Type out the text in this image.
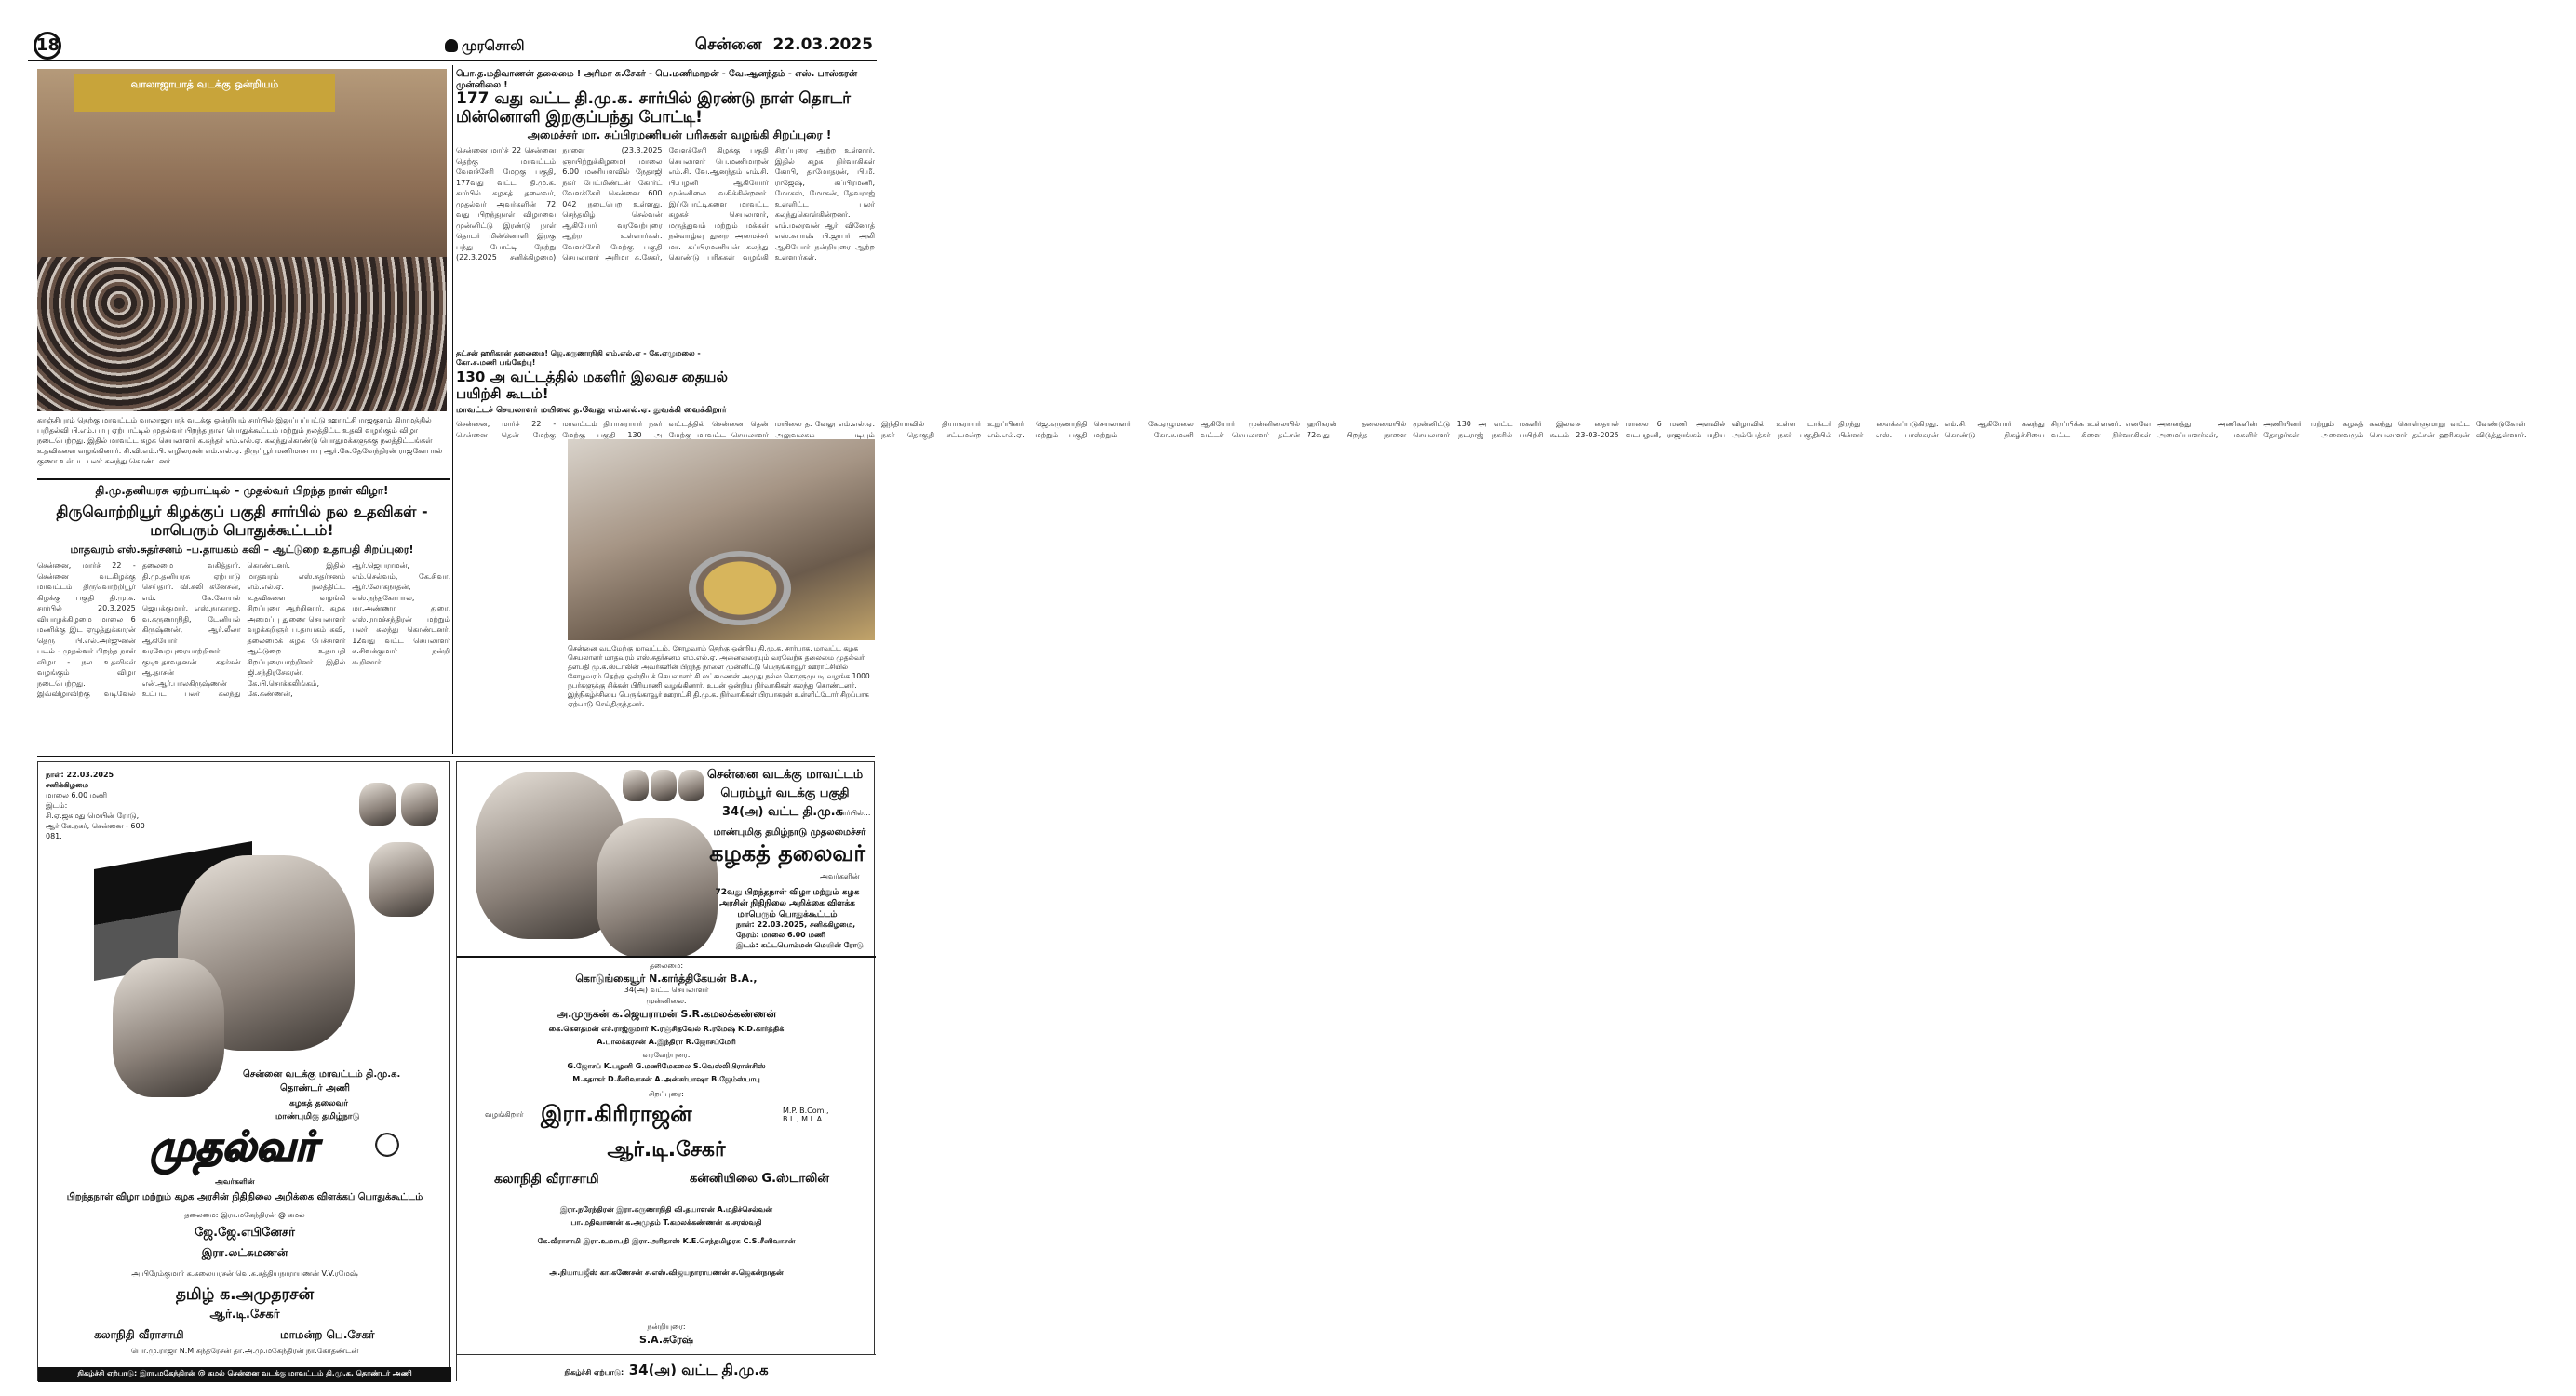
18	முரசொலி	சென்னை 22.03.2025
வாலாஜாபாத் வடக்கு ஒன்றியம்
காஞ்சிபுரம் தெற்கு மாவட்டம் வாலாஜாபாத் வடக்கு ஒன்றியம் சார்பில் இலுப்பப்பட்டு ஊராட்சி ராஜகுளம் கிராமத்தில் பறிதல்வி பி.எம்.பாபு ஏற்பாட்டில் முதல்வர் பிறந்த நாள் பொதுக்கூட்டம் மற்றும் நலத்திட்ட உதவி வழங்கும் விழா நடைபெற்றது. இதில் மாவட்ட கழக செயலாளர் க.சுந்தர் எம்.எல்.ஏ. கலந்துகொண்டு பொதுமக்களுக்கு நலத்திட்டங்கள் உதவிகளை வழங்கினார். சி.வி.எம்.பி. எழிலரசன் எம்.எல்.ஏ. திருப்பூர் மணிமாசபாபு ஆர்.கே.தேவேந்திரன் ராஜகோபால் குணா உள்பட பலர் கலந்து கொண்டனர்.
பொ.த.மதிவாணன் தலைமை ! அரிமா சு.சேகர் - பெ.மணிமாறன் - வே.ஆனந்தம் - எஸ். பாஸ்கரன் முன்னிலை !
177 வது வட்ட தி.மு.க. சார்பில் இரண்டு நாள் தொடர் மின்னொளி இறகுப்பந்து போட்டி!
அமைச்சர் மா. சுப்பிரமணியன் பரிசுகள் வழங்கி சிறப்புரை !
சென்னை மார்ச் 22 சென்னை தெற்கு மாவட்டம் வேளச்சேரி மேற்கு பகுதி, 177வது வட்ட தி.மு.க. சார்பில் கழகத் தலைவர், முதல்வர் அவர்களின் 72 வது பிறந்தநாள் விழாவை முன்னிட்டு இரண்டு நாள் தொடர் மின்னொளி இறகு பந்து போட்டி நேற்று (22.3.2025 சனிக்கிழமை) நாளை (23.3.2025 ஞாயிற்றுக்கிழமை) மாலை 6.00 மணியளவில் நேதாஜி நகர் பேட்மிண்டன் கோர்ட் வேளச்சேரி சென்னை 600 042 நடைபெற உள்ளது. செந்தமிழ் செல்வன் ஆகியோர் வரவேற்புரை ஆற்ற உள்ளார்கள். வேளச்சேரி மேற்கு பகுதி செயலாளர் அரிமா சு.சேகர், வேளச்சேரி கிழக்கு பகுதி செயலாளர் பெ.மணிமாறன் எம்.சி. வே.ஆனந்தம் எம்.சி. பி.பழனி ஆகியோர் முன்னிலை வகிக்கின்றனர். இப்போட்டிகளை மாவட்ட கழகச் செயலாளர், மருத்துவம் மற்றும் மக்கள் நல்வாழ்வு துறை அமைச்சர் மா. சுப்பிரமணியன் கலந்து கொண்டு பரிசுகள் வழங்கி சிறப்புரை ஆற்ற உள்ளார். இதில் கழக நிர்வாகிகள் கோபி, தாமோதரன், பி.மீ. ராஜேஷ், சுப்பிரமணி, மோசஸ், மோகன், தேவராஜ் உள்ளிட்ட பலர் கலந்துகொள்கின்றனர். எம்.மலரவன் ஆர். வினோத் எஸ்.சுபாஷ் பி.ஜாபர் அலி ஆகியோர் நன்றியுரை ஆற்ற உள்ளார்கள்.
தட்சன் ஹரிகரன் தலைமை! ஜெ.கருணாநிதி எம்.எல்.ஏ - கே.ஏழுமலை - கோ.ச.மணி பங்கேற்பு!
130 அ வட்டத்தில் மகளிர் இலவச தையல் பயிற்சி கூடம்!
மாவட்டச் செயலாளர் மயிலை த.வேலு எம்.எல்.ஏ. துவக்கி வைக்கிறார்
சென்னை, மார்ச் 22 - சென்னை தென் மேற்கு மாவட்டம் தியாகராயர் நகர் மேற்கு பகுதி 130 அ வட்டத்தில் சென்னை தென் மேற்கு மாவட்ட செயலாளர் மயிலை த. வேலு எம்.எல்.ஏ. அலுவலகம் படியும் இந்தியாவில் தியாகராயர் நகர் தொகுதி சட்டமன்ற உறுப்பினர் ஜெ.கருணாநிதி எம்.எல்.ஏ. மற்றும் பகுதி செயலாளர் கே.ஏழுமலை மற்றும் கோ.ச.மணி ஆகியோர் முன்னிலையில் வட்டச் செயலாளர் தட்சன் ஹரிகரன் தலைமையில் 72வது பிறந்த நாளை முன்னிட்டு 130 அ வட்ட செயலாளர் நடராஜ் நகரில் மகளிர் இலவச தையல் பயிற்சி கூடம் 23-03-2025 மாலை 6 மணி அளவில் வடபழனி, ராஜாங்கம் மதிய விழாவில் உள்ள டாக்டர் அம்பேத்கர் நகர் பகுதியில் திறந்து வைக்கப்படுகிறது. பின்னர் எஸ். பாஸ்கரன் எம்.சி. ஆகியோர் கலந்து கொண்டு நிகழ்ச்சியை சிறப்பிக்க உள்ளனர். எனவே வட்ட கிளை நிர்வாகிகள் அனைத்து அணிகளின் அமைப்பாளர்கள், மகளிர் அணியினர் மற்றும் கழகத் தோழர்கள் அனைவரும் கலந்து கொள்ளுமாறு வட்ட செயலாளர் தட்சன் ஹரிகரன் வேண்டுகோள் விடுத்துள்ளார்.
சென்னை வடமேற்கு மாவட்டம், சோழவரம் தெற்கு ஒன்றிய தி.மு.க. சார்பாக, மாவட்ட கழக செயலாளர் மாதவரம் எஸ்.சுதர்சனம் எம்.எல்.ஏ. அனைவரையும் வரவேற்க தலைமை முதல்வர் தளபதி மு.க.ஸ்டாலின் அவர்களின் பிறந்த நாளை முன்னிட்டு பெருங்காவூர் ஊராட்சியில் சோழவரம் தெற்கு ஒன்றியச் செயலாளர் சி.லட்சுமணன் அமுது நல்ல கொளுமுபடி வழங்க 1000 நபர்களுக்கு சிக்கன் பிரியாணி வழங்கினார். உடன் ஒன்றிய நிர்வாகிகள் கலந்து கொண்டனர். இந்நிகழ்ச்சியை பெருங்காவூர் ஊராட்சி தி.மு.க. நிர்வாகிகள் பிரபாகரன் உள்ளிட்டோர் சிறப்பாக ஏற்பாடு செய்திருந்தனர்.
தி.மு.தனியரசு ஏற்பாட்டில் – முதல்வர் பிறந்த நாள் விழா!
திருவொற்றியூர் கிழக்குப் பகுதி சார்பில் நல உதவிகள் - மாபெரும் பொதுக்கூட்டம்!
மாதவரம் எஸ்.சுதர்சனம் –ப.தாயகம் கவி – ஆட்டுறை உதாபதி சிறப்புரை!
சென்னை, மார்ச் 22 - சென்னை வடகிழக்கு மாவட்டம் திருவொற்றியூர் கிழக்கு பகுதி தி.மு.க. சார்பில் 20.3.2025 வியாழக்கிழமை மாலை 6 மணிக்கு இட ஏழுத்துக்காரன் தெரு பி.எல்.அர்ஜுனன் படம் - முதல்வர் பிறந்த நாள் விழா - நல உதவிகள் வழங்கும் விழா நடைபெற்றது. இவ்விழாவிற்கு வடிவேல் தலைமை வகித்தார். தி.மு.தனியரசு ஏற்பாடு செய்தார். வி.கலி கனேசன், எம். கே.கோயல் ஜெயக்குமார், எஸ்.நாகராஜ், வ.கருணாநிதி, டேனியல் கிருஷ்ணன், ஆர்.லீலா ஆகியோர் வரவேற்புரையாற்றினர். குடிஉதாவதனன் சுதர்சன் ஆ.தாசன் என்.ஆர்.பாலகிருஷ்ணன் உட்பட பலர் கலந்து கொண்டனர். இதில் மாதவரம் எஸ்.சுதர்சனம் எம்.எல்.ஏ. நலத்திட்ட உதவிகளை வழங்கி சிறப்புரை ஆற்றினார். கழக அமைப்பு துணை செயலாளர் வழக்கறிஞர் ப.தாயகம் கவி, தலைமைக் கழக பேச்சாளர் ஆட்டுறை உதாபதி சிறப்புரையாற்றினர். இதில் ஜி.சந்திரசேகரன், கே.பி.சொக்கலிங்கம், கே.கண்ணன், ஆர்.ஜெயராமன், எம்.செல்வம், கே.சிவா, ஆர்.லோகநாதன், எஸ்.நந்தகோபால், மா.அண்ணா துரை, எஸ்.ராமச்சந்திரன் மற்றும் பலர் கலந்து கொண்டனர். 12வது வட்ட செயலாளர் க.சிவக்குமார் நன்றி கூறினார்.
நாள்: 22.03.2025
சனிக்கிழமை
மாலை 6.00 மணி
இடம்:
சி.ஏ.ஜகமது மெயின் ரோடு, ஆர்.கே.நகர், சென்னை - 600 081.
சென்னை வடக்கு மாவட்டம் தி.மு.க.
தொண்டர் அணி
கழகத் தலைவர்
மாண்புமிகு தமிழ்நாடு
முதல்வர்
அவர்களின்
பிறந்தநாள் விழா மற்றும் கழக அரசின் நிதிநிலை அறிக்கை விளக்கப் பொதுக்கூட்டம்
தலைமை: இரா.மகேந்திரன் @ கமல்
ஜே.ஜே.எபினேசர்
இரா.லட்சுமணன்
அ.பிரேம்குமார் க.கலையரசன் வெ.சு.சத்தியநாராயணன் V.V.ரமேஷ்
தமிழ் க.அமுதரசன்
ஆர்.டி.சேகர்
கலாநிதி வீராசாமி	மாமன்ற பெ.சேகர்
பொ.மு.ராஜா N.M.சுந்தரேசன் தா.அ.மு.மகேந்திரன் நா.கோதண்டன்
நிகழ்ச்சி ஏற்பாடு: இரா.மகேந்திரன் @ கமல் சென்னை வடக்கு மாவட்டம் தி.மு.க. தொண்டர் அணி
சென்னை வடக்கு மாவட்டம்
பெரம்பூர் வடக்கு பகுதி
34(அ) வட்ட தி.மு.க
சார்பில்...
மாண்புமிகு தமிழ்நாடு முதலமைச்சர்
கழகத் தலைவர்
அவர்களின்
72வது பிறந்தநாள் விழா மற்றும் கழக அரசின் நிதிநிலை அறிக்கை விளக்க மாபெரும் பொதுக்கூட்டம்
நாள்: 22.03.2025, சனிக்கிழமை,
நேரம்: மாலை 6.00 மணி
இடம்: கட்டபொம்மன் மெயின் ரோடு
தலைமை:
கொடுங்கையூர் N.கார்த்திகேயன் B.A.,
34(அ) வட்ட செயலாளர்
முன்னிலை:
அ.முருகன் க.ஜெயராமன் S.R.கமலக்கண்ணன்
கை.கௌதமன் எச்.ராஜ்குமார் K.ரஞ்சிதவேல் R.ரமேஷ் K.D.கார்த்திக்
A.பாலக்கரசன் A.இந்திரா R.ஜோசப்மேரி
வரவேற்புரை:
G.ஜோசப் K.பழனி G.மணிமேகலை S.வெஸ்லிபிரான்சிஸ்
M.சுதாகர் D.சீனிவாசன் A.அன்சர்பாஷா B.ஜேம்ஸ்பாபு
சிறப்புரை:
வழங்கிறார் இரா.கிரிராஜன்	M.P. B.Com., B.L., M.L.A.
ஆர்.டி.சேகர்
கலாநிதி வீராசாமி	கன்னியிலை G.ஸ்டாலின்
இரா.நரேந்திரன் இரா.கருணாநிதி வி.தயாளன் A.மதிச்செல்வன்
பா.மதிவாணன் க.அமுதம் T.கமலக்கண்ணன் க.சரஸ்வதி
கே.வீராசாமி இரா.உமாபதி இரா.அரிதாஸ் K.E.செந்தமிழரசு C.S.சீனிவாசன்
அ.நியாயஜீஸ் கா.கணேசன் ச.எஸ்.விஜயநாராயணன் ச.ஜெகன்நாதன்
நன்றியுரை:
S.A.சுரேஷ்
நிகழ்ச்சி ஏற்பாடு: 34(அ) வட்ட தி.மு.க
